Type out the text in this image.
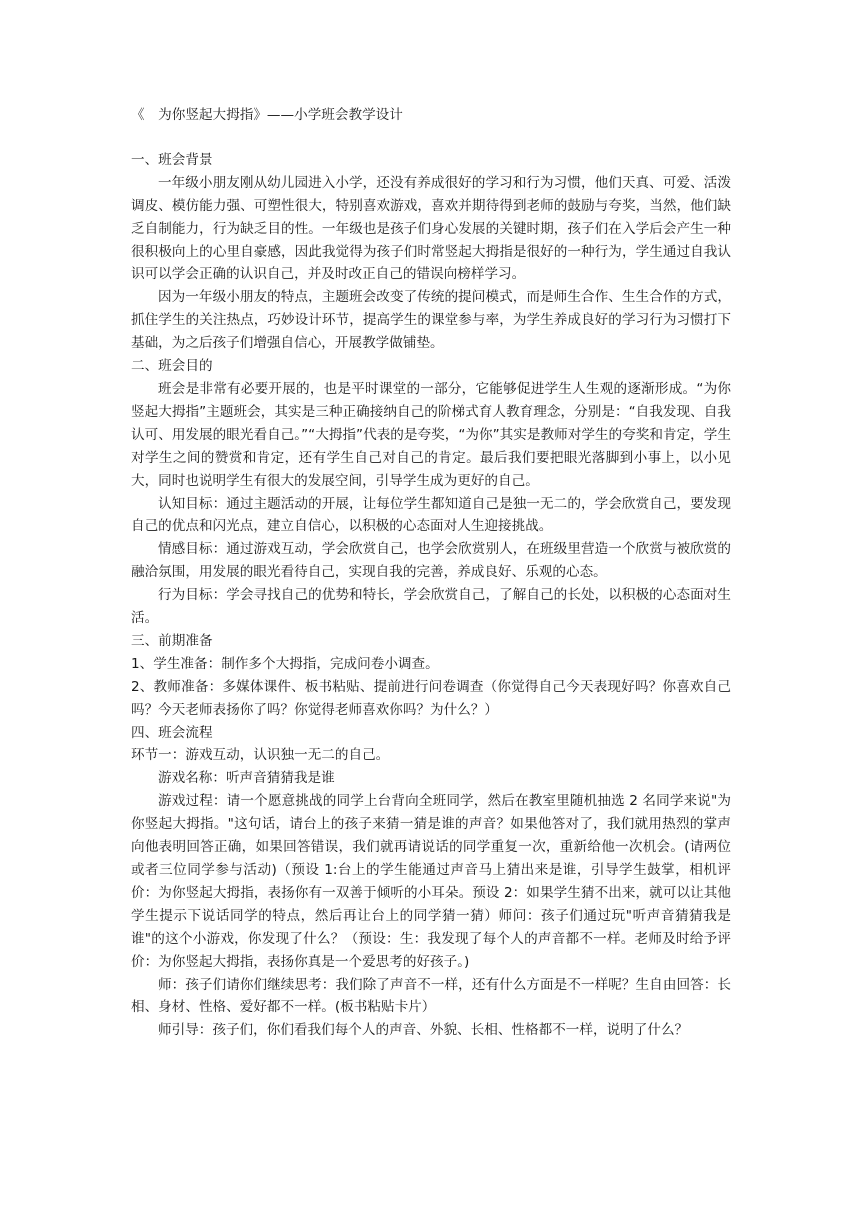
《　为你竖起大拇指》——小学班会教学设计

一、班会背景

一年级小朋友刚从幼儿园进入小学，还没有养成很好的学习和行为习惯，他们天真、可爱、活泼调皮、模仿能力强、可塑性很大，特别喜欢游戏，喜欢并期待得到老师的鼓励与夸奖，当然，他们缺乏自制能力，行为缺乏目的性。一年级也是孩子们身心发展的关键时期，孩子们在入学后会产生一种很积极向上的心里自豪感，因此我觉得为孩子们时常竖起大拇指是很好的一种行为，学生通过自我认识可以学会正确的认识自己，并及时改正自己的错误向榜样学习。

因为一年级小朋友的特点，主题班会改变了传统的提问模式，而是师生合作、生生合作的方式，抓住学生的关注热点，巧妙设计环节，提高学生的课堂参与率，为学生养成良好的学习行为习惯打下基础，为之后孩子们增强自信心，开展教学做铺垫。

二、班会目的

班会是非常有必要开展的，也是平时课堂的一部分，它能够促进学生人生观的逐渐形成。“为你竖起大拇指”主题班会，其实是三种正确接纳自己的阶梯式育人教育理念，分别是：“自我发现、自我认可、用发展的眼光看自己。”“大拇指”代表的是夸奖，“为你”其实是教师对学生的夸奖和肯定，学生对学生之间的赞赏和肯定，还有学生自己对自己的肯定。最后我们要把眼光落脚到小事上，以小见大，同时也说明学生有很大的发展空间，引导学生成为更好的自己。

认知目标：通过主题活动的开展，让每位学生都知道自己是独一无二的，学会欣赏自己，要发现自己的优点和闪光点，建立自信心，以积极的心态面对人生迎接挑战。

情感目标：通过游戏互动，学会欣赏自己，也学会欣赏别人，在班级里营造一个欣赏与被欣赏的融洽氛围，用发展的眼光看待自己，实现自我的完善，养成良好、乐观的心态。

行为目标：学会寻找自己的优势和特长，学会欣赏自己，了解自己的长处，以积极的心态面对生活。

三、前期准备

1、学生准备：制作多个大拇指，完成问卷小调查。

2、教师准备：多媒体课件、板书粘贴、提前进行问卷调查（你觉得自己今天表现好吗？你喜欢自己吗？今天老师表扬你了吗？你觉得老师喜欢你吗？为什么？）

四、班会流程

环节一：游戏互动，认识独一无二的自己。

游戏名称：听声音猜猜我是谁

游戏过程：请一个愿意挑战的同学上台背向全班同学，然后在教室里随机抽选 2 名同学来说"为你竖起大拇指。"这句话，请台上的孩子来猜一猜是谁的声音？如果他答对了，我们就用热烈的掌声向他表明回答正确，如果回答错误，我们就再请说话的同学重复一次，重新给他一次机会。(请两位或者三位同学参与活动)（预设 1:台上的学生能通过声音马上猜出来是谁，引导学生鼓掌，相机评价：为你竖起大拇指，表扬你有一双善于倾听的小耳朵。预设 2：如果学生猜不出来，就可以让其他学生提示下说话同学的特点，然后再让台上的同学猜一猜）师问：孩子们通过玩"听声音猜猜我是谁"的这个小游戏，你发现了什么？（预设：生：我发现了每个人的声音都不一样。老师及时给予评价：为你竖起大拇指，表扬你真是一个爱思考的好孩子。)

师：孩子们请你们继续思考：我们除了声音不一样，还有什么方面是不一样呢？生自由回答：长相、身材、性格、爱好都不一样。(板书粘贴卡片）

师引导：孩子们，你们看我们每个人的声音、外貌、长相、性格都不一样，说明了什么？
